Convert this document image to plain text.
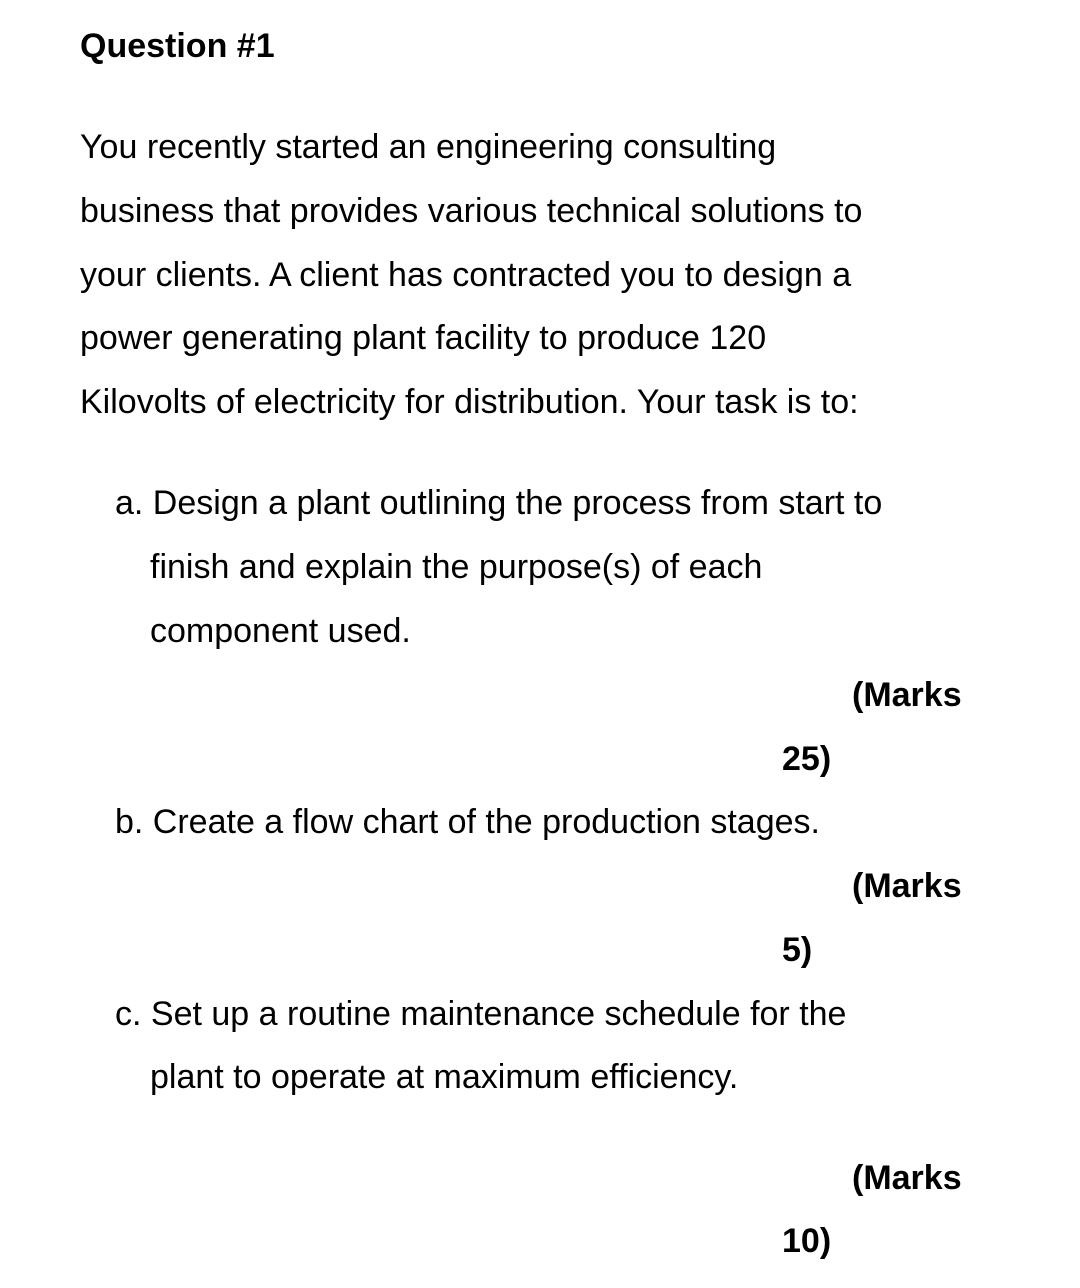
Question #1
You recently started an engineering consulting
business that provides various technical solutions to
your clients. A client has contracted you to design a
power generating plant facility to produce 120
Kilovolts of electricity for distribution. Your task is to:
a. Design a plant outlining the process from start to
finish and explain the purpose(s) of each
component used.
(Marks
25)
b. Create a flow chart of the production stages.
(Marks
5)
c. Set up a routine maintenance schedule for the
plant to operate at maximum efficiency.
(Marks
10)
